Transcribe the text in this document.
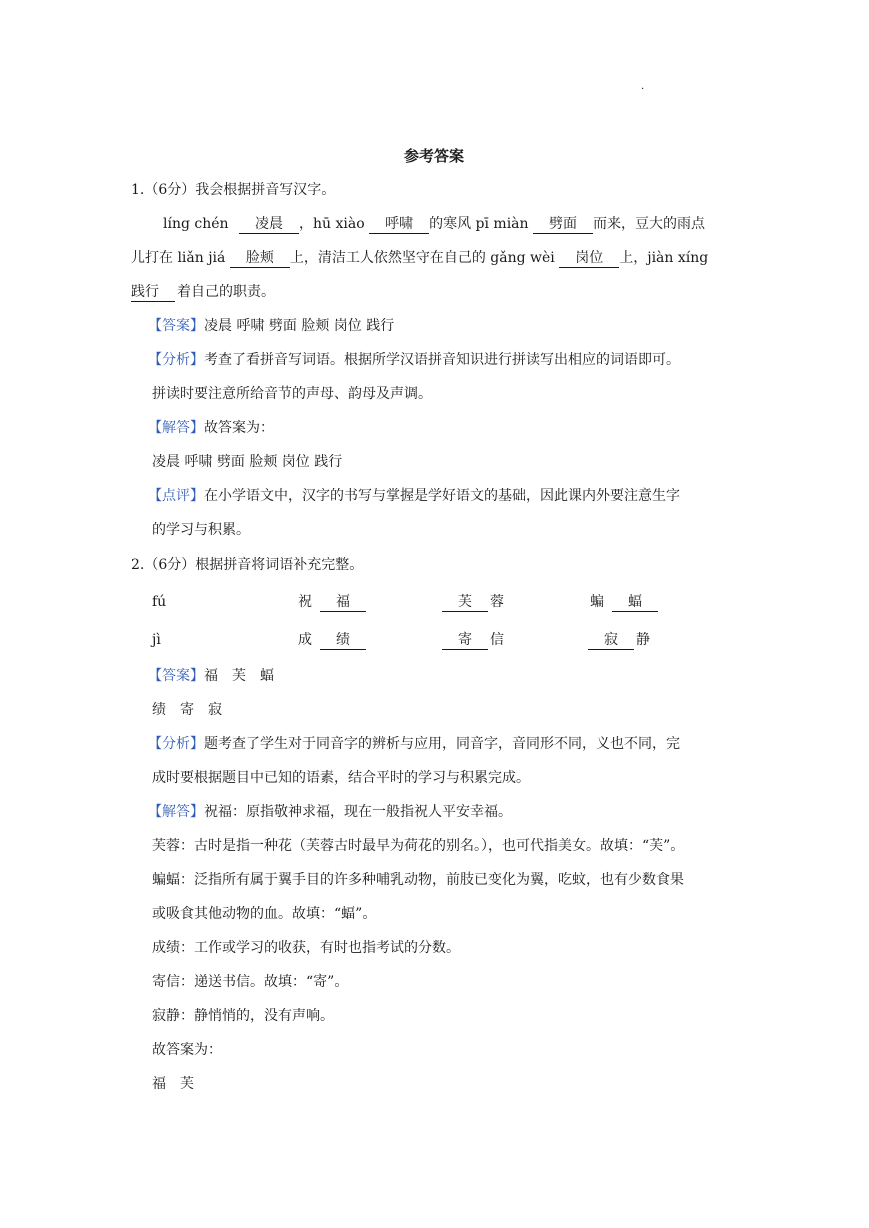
·
参考答案
1.（6分）我会根据拼音写汉字。
líng chén 凌晨 ，hū xiào 呼啸 的寒风 pī miàn 劈面 而来，豆大的雨点
儿打在 liǎn jiá 脸颊 上，清洁工人依然坚守在自己的 gǎng wèi 岗位 上，jiàn xíng
践行 着自己的职责。
【答案】凌晨 呼啸 劈面 脸颊 岗位 践行
【分析】考查了看拼音写词语。根据所学汉语拼音知识进行拼读写出相应的词语即可。
拼读时要注意所给音节的声母、韵母及声调。
【解答】故答案为：
凌晨 呼啸 劈面 脸颊 岗位 践行
【点评】在小学语文中，汉字的书写与掌握是学好语文的基础，因此课内外要注意生字
的学习与积累。
2.（6分）根据拼音将词语补充完整。
fú	祝	福	芙	蓉	蝙	蝠
jì	成	绩	寄	信	寂	静
【答案】福　芙　蝠
绩　寄　寂
【分析】题考查了学生对于同音字的辨析与应用，同音字，音同形不同，义也不同，完
成时要根据题目中已知的语素，结合平时的学习与积累完成。
【解答】祝福：原指敬神求福，现在一般指祝人平安幸福。
芙蓉：古时是指一种花（芙蓉古时最早为荷花的别名。），也可代指美女。故填：“芙”。
蝙蝠：泛指所有属于翼手目的许多种哺乳动物，前肢已变化为翼，吃蚊，也有少数食果
或吸食其他动物的血。故填：“蝠”。
成绩：工作或学习的收获，有时也指考试的分数。
寄信：递送书信。故填：“寄”。
寂静：静悄悄的，没有声响。
故答案为：
福　芙
